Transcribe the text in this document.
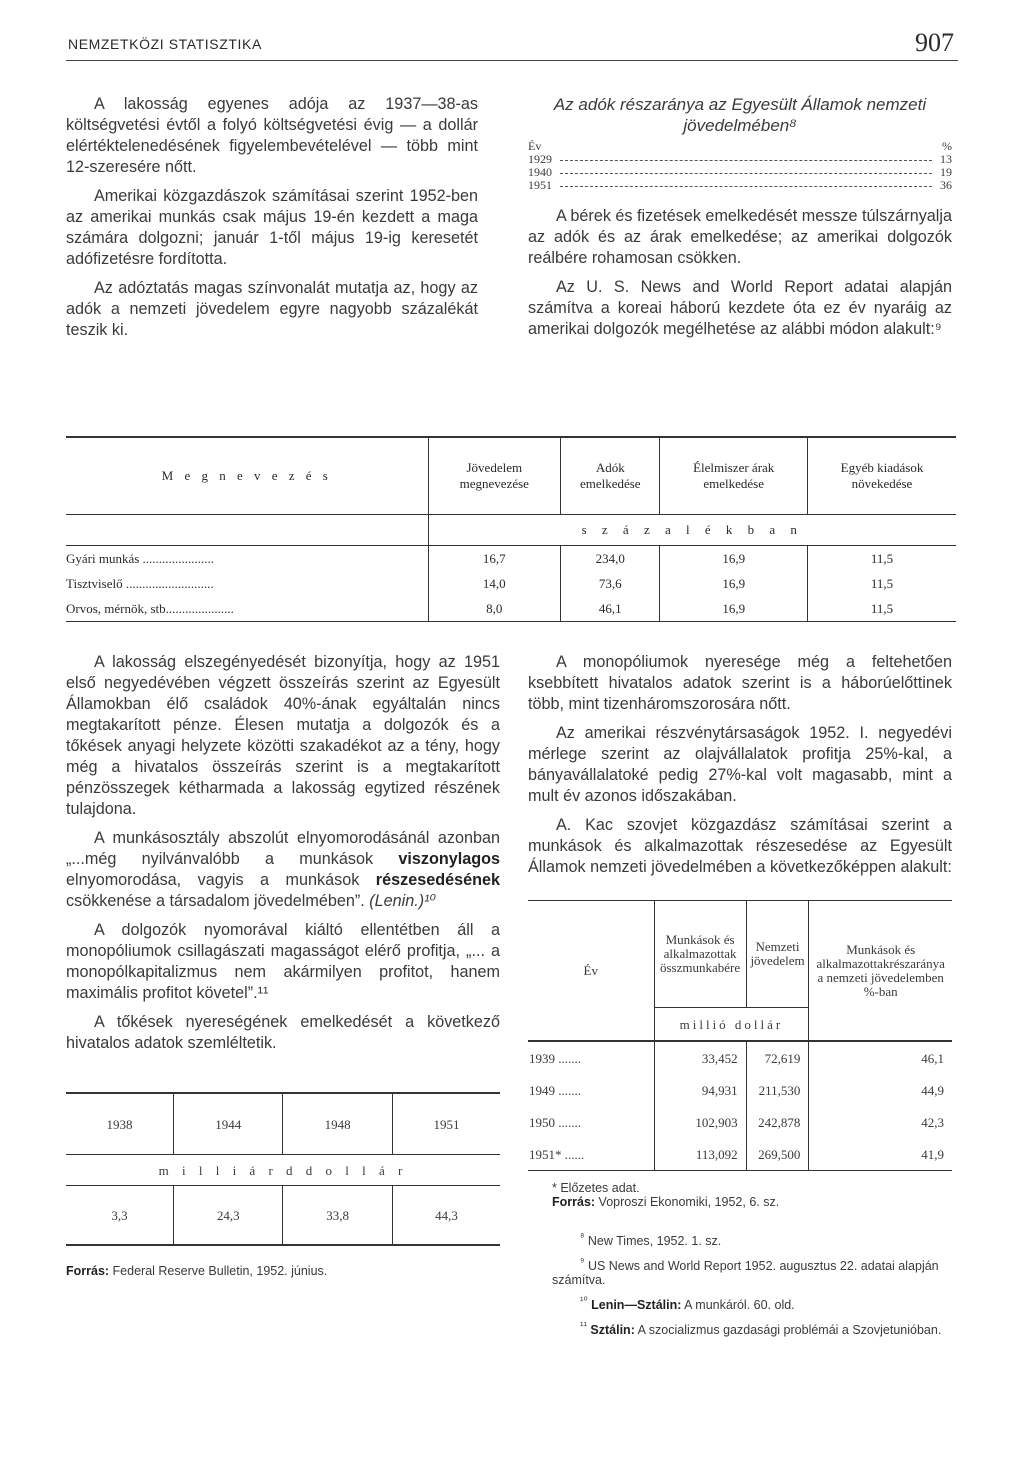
NEMZETKÖZI STATISZTIKA	907

A lakosság egyenes adója az 1937—38-as költségvetési évtől a folyó költségvetési évig — a dollár elértéktelenedésének figyelembevételével — több mint 12-szeresére nőtt.

Amerikai közgazdászok számításai szerint 1952-ben az amerikai munkás csak május 19-én kezdett a maga számára dolgozni; január 1-től május 19-ig keresetét adófizetésre fordította.

Az adóztatás magas színvonalát mutatja az, hogy az adók a nemzeti jövedelem egyre nagyobb százalékát teszik ki.

Az adók részaránya az Egyesült Államok nemzeti jövedelmében⁸
Év	%
1929	13
1940	19
1951	36

A bérek és fizetések emelkedését messze túlszárnyalja az adók és az árak emelkedése; az amerikai dolgozók reálbére rohamosan csökken.

Az U. S. News and World Report adatai alapján számítva a koreai háború kezdete óta ez év nyaráig az amerikai dolgozók megélhetése az alábbi módon alakult:⁹

M e g n e v e z é s	Jövedelem megnevezése	Adók emelkedése	Élelmiszer árak emelkedése	Egyéb kiadások növekedése
	s z á z a l é k b a n			
Gyári munkás ......................	16,7	234,0	16,9	11,5
Tisztviselő ...........................	14,0	73,6	16,9	11,5
Orvos, mérnök, stb.....................	8,0	46,1	16,9	11,5

A lakosság elszegényedését bizonyítja, hogy az 1951 első negyedévében végzett összeírás szerint az Egyesült Államokban élő családok 40%-ának egyáltalán nincs megtakarított pénze. Élesen mutatja a dolgozók és a tőkések anyagi helyzete közötti szakadékot az a tény, hogy még a hivatalos összeírás szerint is a megtakarított pénzösszegek kétharmada a lakosság egytized részének tulajdona.

A munkásosztály abszolút elnyomorodásánál azonban „...még nyilvánvalóbb a munkások viszonylagos elnyomorodása, vagyis a munkások részesedésének csökkenése a társadalom jövedelmében”. (Lenin.)¹⁰

A dolgozók nyomorával kiáltó ellentétben áll a monopóliumok csillagászati magasságot elérő profitja, „... a monopólkapitalizmus nem akármilyen profitot, hanem maximális profitot követel”.¹¹

A tőkések nyereségének emelkedését a következő hivatalos adatok szemléltetik.

1938	1944	1948	1951
m i l l i á r d d o l l á r			
3,3	24,3	33,8	44,3
Forrás: Federal Reserve Bulletin, 1952. június.

A monopóliumok nyeresége még a feltehetően ksebbített hivatalos adatok szerint is a háborúelőttinek több, mint tizenháromszorosára nőtt.

Az amerikai részvénytársaságok 1952. I. negyedévi mérlege szerint az olajvállalatok profitja 25%-kal, a bányavállalatoké pedig 27%-kal volt magasabb, mint a mult év azonos időszakában.

A. Kac szovjet közgazdász számításai szerint a munkások és alkalmazottak részesedése az Egyesült Államok nemzeti jövedelmében a következőképpen alakult:

Év	Munkások és alkalmazottak összmunkabére	Nemzeti jövedelem	Munkások és alkalmazottakrészaránya a nemzeti jövedelemben %-ban
	millió dollár		
1939 .......	33,452	72,619	46,1
1949 .......	94,931	211,530	44,9
1950 .......	102,903	242,878	42,3
1951* ......	113,092	269,500	41,9
* Előzetes adat.
Forrás: Voproszi Ekonomiki, 1952, 6. sz.

$^{^8}$ New Times, 1952. 1. sz.

$^{^9}$ US News and World Report 1952. augusztus 22. adatai alapján számítva.

$^{^{10}}$ Lenin—Sztálin: A munkáról. 60. old.

$^{^{11}}$ Sztálin: A szocializmus gazdasági problémái a Szovjetunióban.
